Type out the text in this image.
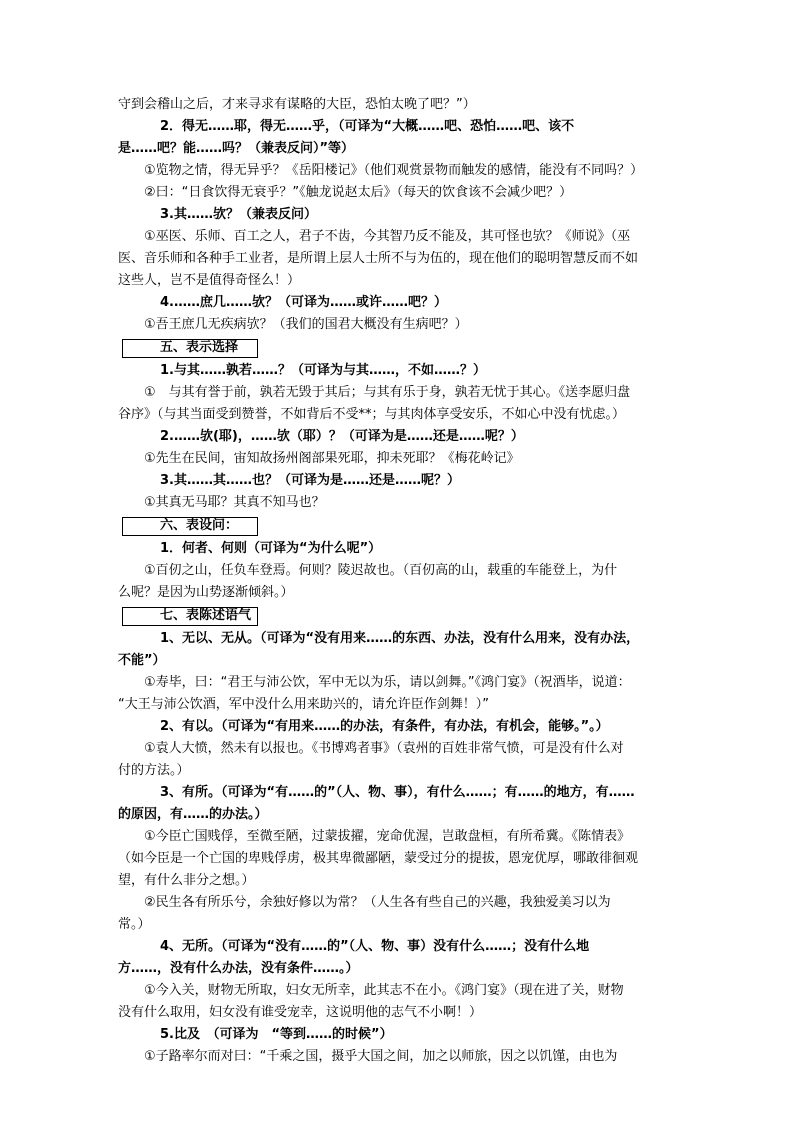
守到会稽山之后，才来寻求有谋略的大臣，恐怕太晚了吧？”）
2．得无……耶，得无……乎，（可译为“大概……吧、恐怕……吧、该不
是……吧？能……吗？（兼表反问）”等）
①览物之情，得无异乎？《岳阳楼记》（他们观赏景物而触发的感情，能没有不同吗？）
②曰：“日食饮得无衰乎？”《触龙说赵太后》（每天的饮食该不会减少吧？）
3.其……欤？（兼表反问）
①巫医、乐师、百工之人，君子不齿，今其智乃反不能及，其可怪也欤？《师说》（巫
医、音乐师和各种手工业者，是所谓上层人士所不与为伍的，现在他们的聪明智慧反而不如
这些人，岂不是值得奇怪么！）
4.……庶几……欤？（可译为……或许……吧？）
①吾王庶几无疾病欤？（我们的国君大概没有生病吧？）
五、表示选择
1.与其……孰若……？（可译为与其……，不如……？）
①　与其有誉于前，孰若无毁于其后；与其有乐于身，孰若无忧于其心。《送李愿归盘
谷序》（与其当面受到赞誉，不如背后不受**；与其肉体享受安乐，不如心中没有忧虑。）
2.……欤(耶)，……欤（耶）？（可译为是……还是……呢？）
①先生在民间，宙知故扬州阁部果死耶，抑未死耶？《梅花岭记》
3.其……其……也？（可译为是……还是……呢？）
①其真无马耶？其真不知马也？
六、表设问：
1．何者、何则（可译为“为什么呢”）
①百仞之山，任负车登焉。何则？陵迟故也。（百仞高的山，载重的车能登上，为什
么呢？是因为山势逐渐倾斜。）
七、表陈述语气
1、无以、无从。（可译为“没有用来……的东西、办法，没有什么用来，没有办法，
不能”）
①寿毕，曰：“君王与沛公饮，军中无以为乐，请以剑舞。”《鸿门宴》（祝酒毕，说道：
“大王与沛公饮酒，军中没什么用来助兴的，请允许臣作剑舞！）”
2、有以。（可译为“有用来……的办法，有条件，有办法，有机会，能够。”。）
①袁人大愤，然未有以报也。《书博鸡者事》（袁州的百姓非常气愤，可是没有什么对
付的方法。）
3、有所。（可译为“有……的”（人、物、事），有什么……；有……的地方，有……
的原因，有……的办法。）
①今臣亡国贱俘，至微至陋，过蒙拔擢，宠命优渥，岂敢盘桓，有所希冀。《陈情表》
（如今臣是一个亡国的卑贱俘虏，极其卑微鄙陋，蒙受过分的提拔，恩宠优厚，哪敢徘徊观
望，有什么非分之想。）
②民生各有所乐兮，余独好修以为常？（人生各有些自己的兴趣，我独爱美习以为
常。）
4、无所。（可译为“没有……的”（人、物、事）没有什么……；没有什么地
方……，没有什么办法，没有条件……。）
①今入关，财物无所取，妇女无所幸，此其志不在小。《鸿门宴》（现在进了关，财物
没有什么取用，妇女没有谁受宠幸，这说明他的志气不小啊！）
5.比及　（可译为　“等到……的时候”）
①子路率尔而对曰：“千乘之国，摄乎大国之间，加之以师旅，因之以饥馑，由也为
